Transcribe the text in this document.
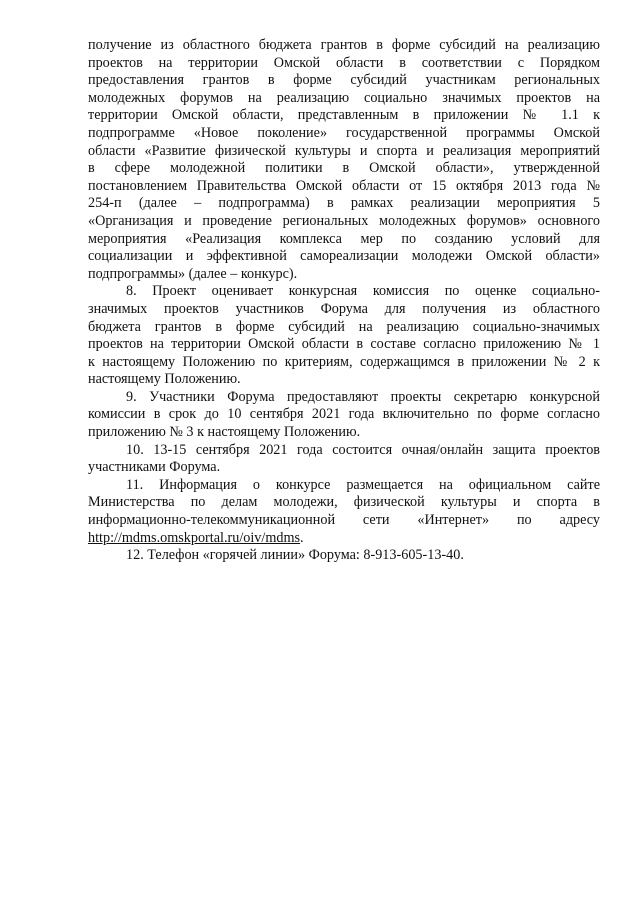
получение из областного бюджета грантов в форме субсидий на реализацию
проектов на территории Омской области в соответствии с Порядком
предоставления грантов в форме субсидий участникам региональных
молодежных форумов на реализацию социально значимых проектов на
территории Омской области, представленным в приложении № 1.1 к
подпрограмме «Новое поколение» государственной программы Омской
области «Развитие физической культуры и спорта и реализация мероприятий
в сфере молодежной политики в Омской области», утвержденной
постановлением Правительства Омской области от 15 октября 2013 года №
254-п (далее – подпрограмма) в рамках реализации мероприятия 5
«Организация и проведение региональных молодежных форумов» основного
мероприятия «Реализация комплекса мер по созданию условий для
социализации и эффективной самореализации молодежи Омской области»
подпрограммы» (далее – конкурс).
8. Проект оценивает конкурсная комиссия по оценке социально-
значимых проектов участников Форума для получения из областного
бюджета грантов в форме субсидий на реализацию социально-значимых
проектов на территории Омской области в составе согласно приложению № 1
к настоящему Положению по критериям, содержащимся в приложении № 2 к
настоящему Положению.
9. Участники Форума предоставляют проекты секретарю конкурсной
комиссии в срок до 10 сентября 2021 года включительно по форме согласно
приложению № 3 к настоящему Положению.
10. 13-15 сентября 2021 года состоится очная/онлайн защита проектов
участниками Форума.
11. Информация о конкурсе размещается на официальном сайте
Министерства по делам молодежи, физической культуры и спорта в
информационно-телекоммуникационной сети «Интернет» по адресу
http://mdms.omskportal.ru/oiv/mdms.
12. Телефон «горячей линии» Форума: 8-913-605-13-40.
